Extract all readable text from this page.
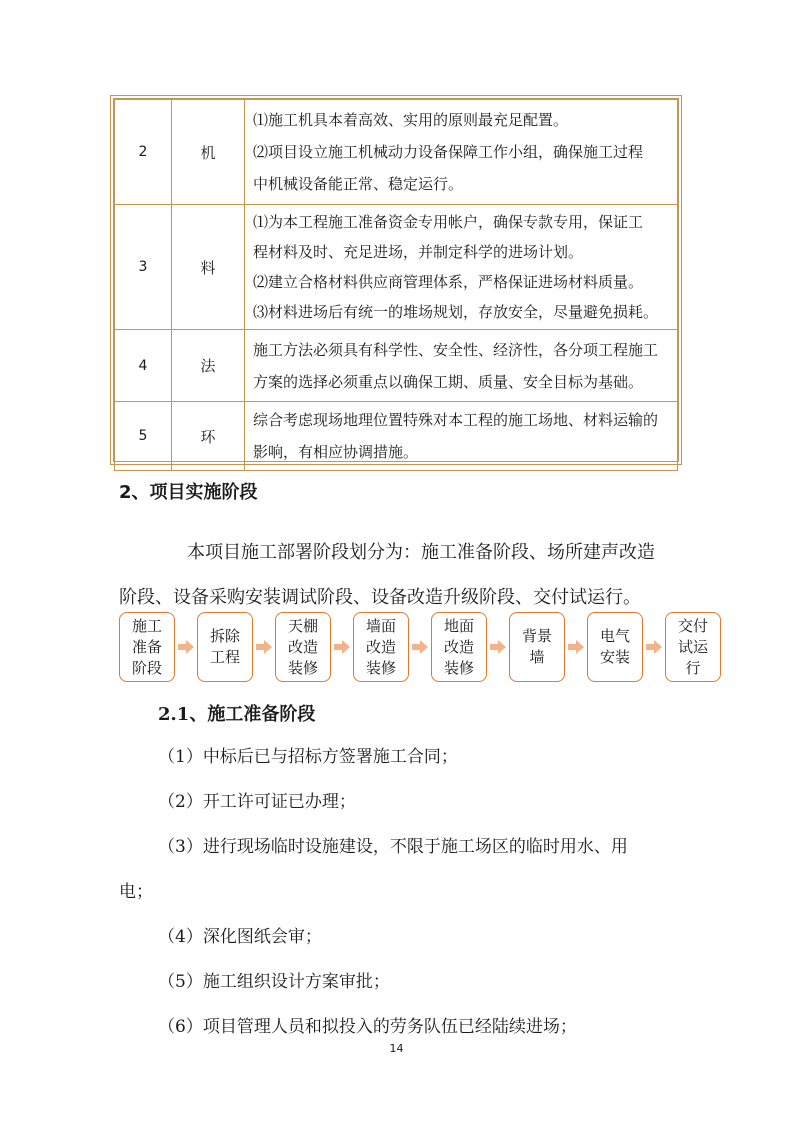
2	机	⑴施工机具本着高效、实用的原则最充足配置。
⑵项目设立施工机械动力设备保障工作小组，确保施工过程
中机械设备能正常、稳定运行。

3	料	⑴为本工程施工准备资金专用帐户，确保专款专用，保证工
程材料及时、充足进场，并制定科学的进场计划。
⑵建立合格材料供应商管理体系，严格保证进场材料质量。
⑶材料进场后有统一的堆场规划，存放安全，尽量避免损耗。

4	法	施工方法必须具有科学性、安全性、经济性，各分项工程施工
方案的选择必须重点以确保工期、质量、安全目标为基础。

5	环	综合考虑现场地理位置特殊对本工程的施工场地、材料运输的
影响，有相应协调措施。
2、项目实施阶段
本项目施工部署阶段划分为：施工准备阶段、场所建声改造
阶段、设备采购安装调试阶段、设备改造升级阶段、交付试运行。
施工准备阶段
拆除工程
天棚改造装修
墙面改造装修
地面改造装修
背景墙
电气安装
交付试运行
2.1、施工准备阶段
（1）中标后已与招标方签署施工合同；
（2）开工许可证已办理；
（3）进行现场临时设施建设，不限于施工场区的临时用水、用
电；
（4）深化图纸会审；
（5）施工组织设计方案审批；
（6）项目管理人员和拟投入的劳务队伍已经陆续进场；
14
